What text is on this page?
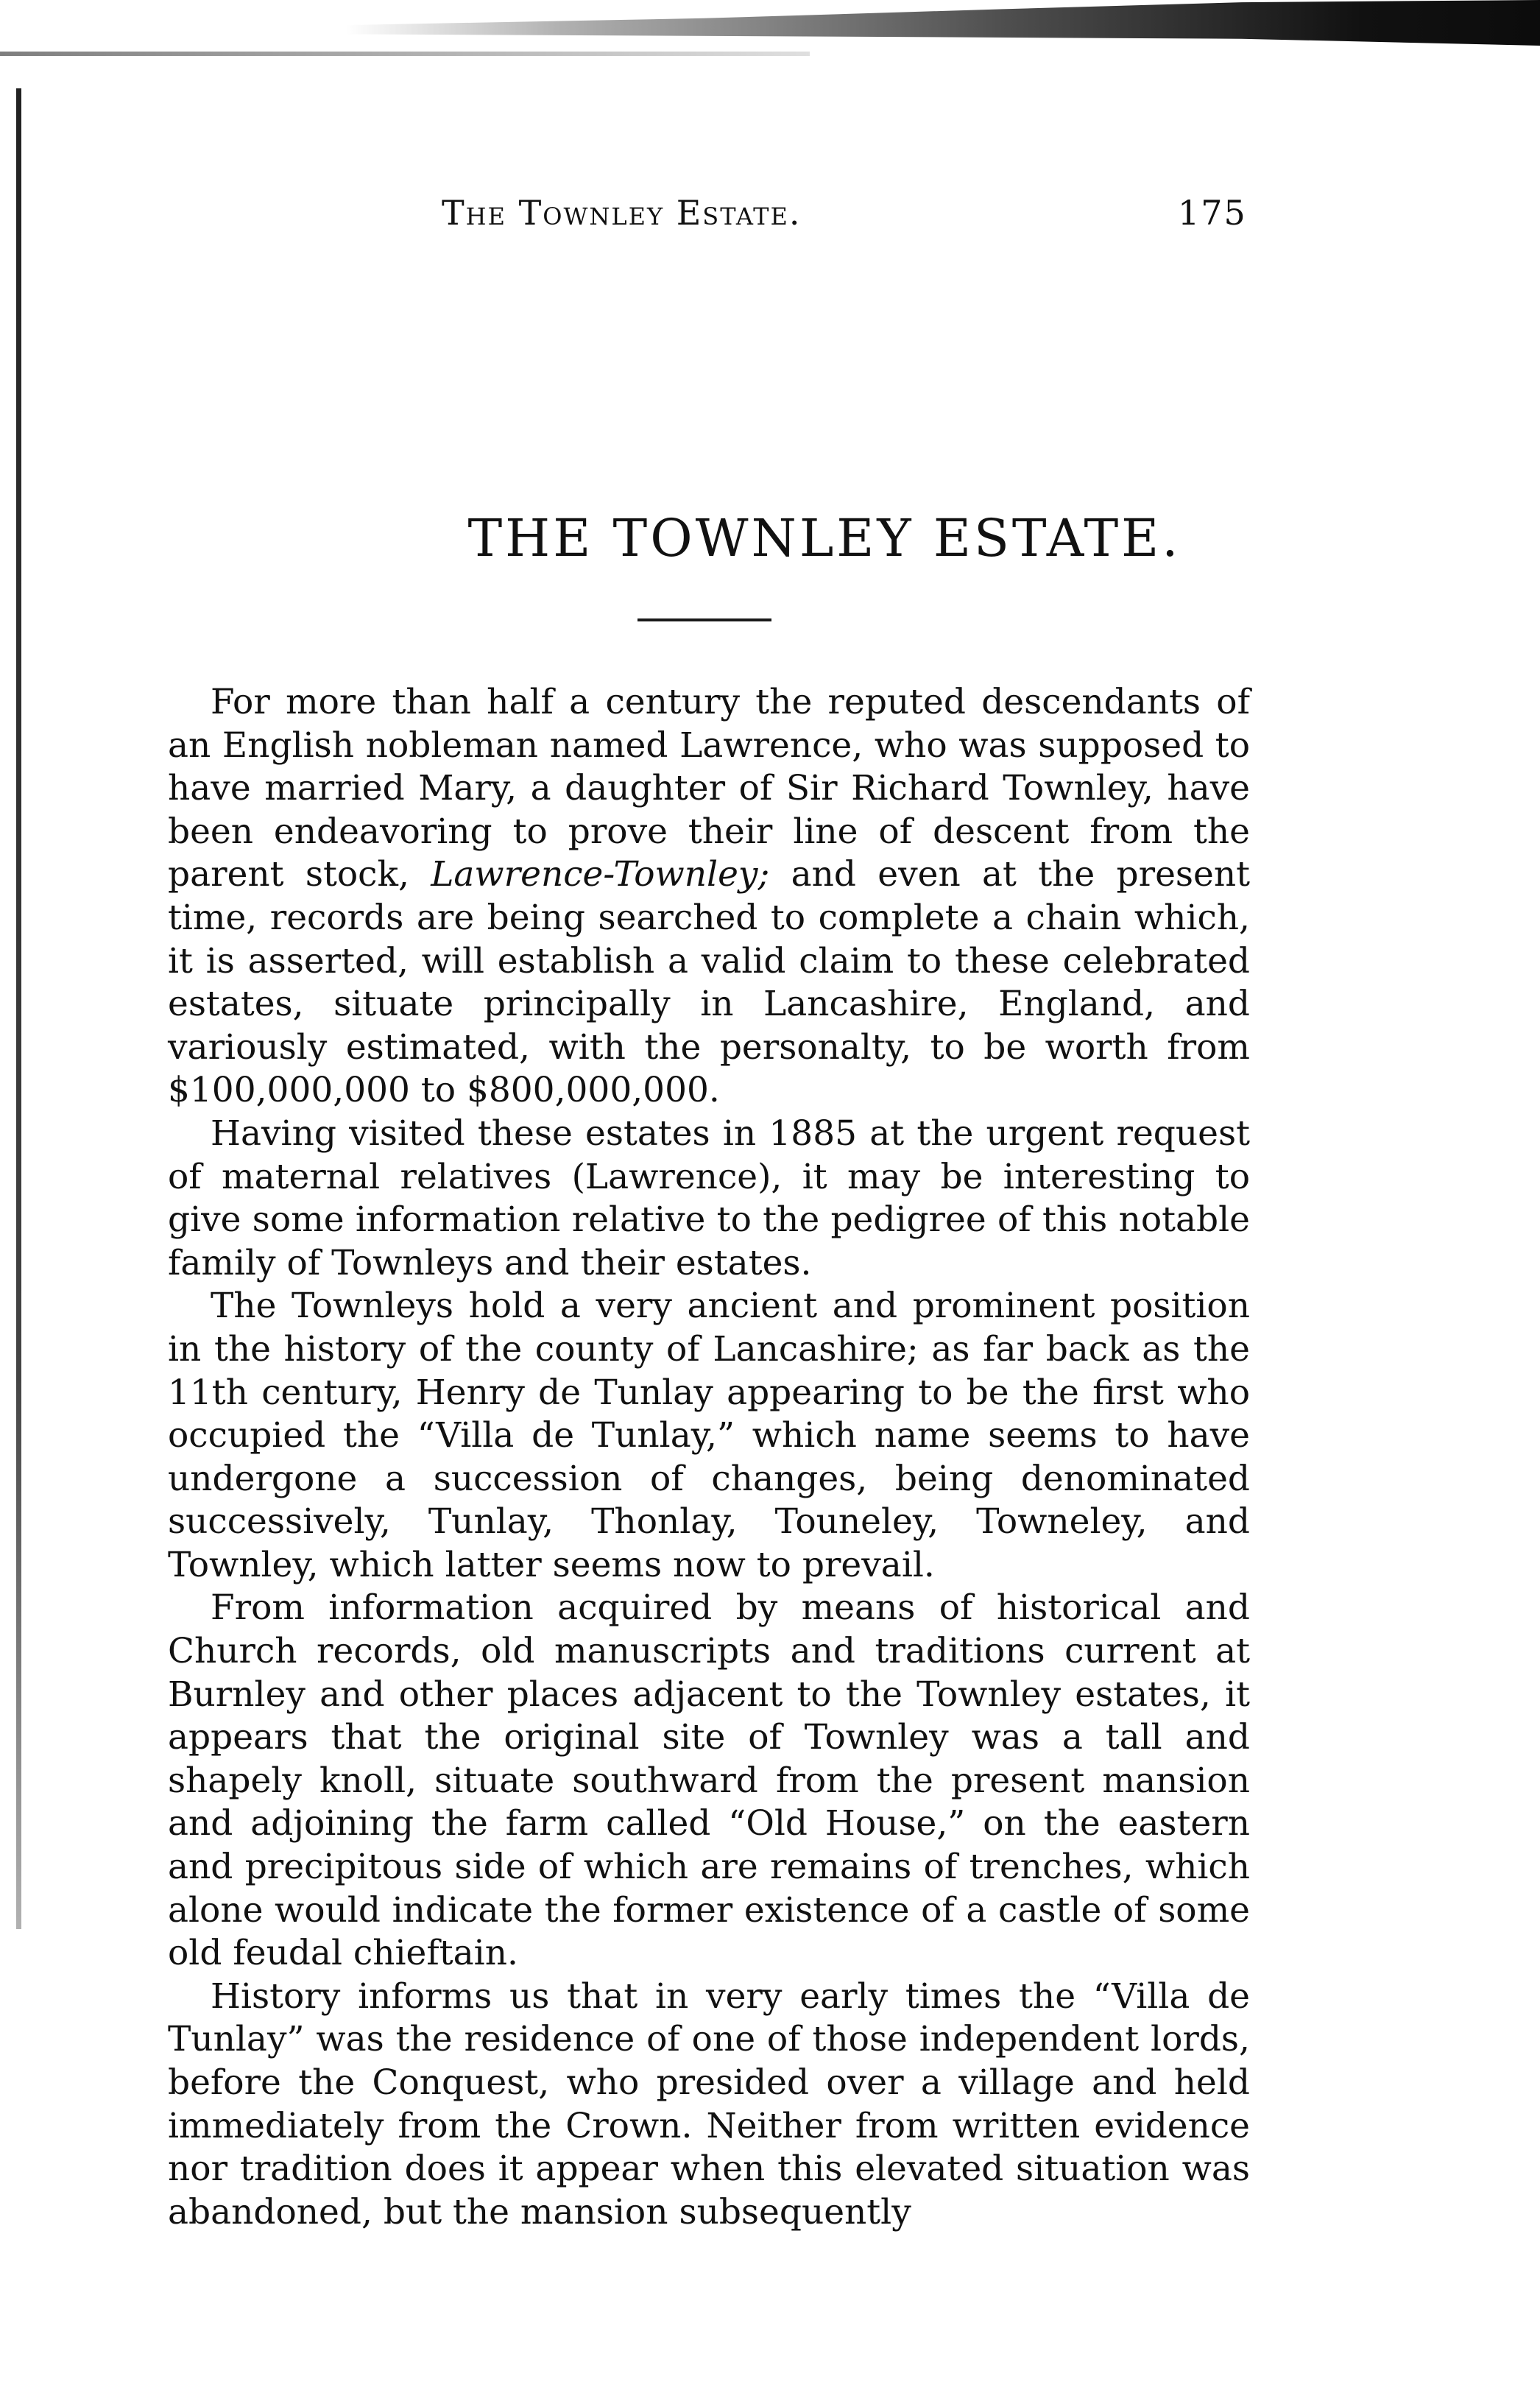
The Townley Estate.	175
THE TOWNLEY ESTATE.

For more than half a century the reputed descendants of an English nobleman named Lawrence, who was supposed to have married Mary, a daughter of Sir Richard Townley, have been endeavoring to prove their line of descent from the parent stock, Lawrence-Townley; and even at the present time, records are being searched to complete a chain which, it is asserted, will establish a valid claim to these celebrated estates, situate principally in Lancashire, England, and variously estimated, with the personalty, to be worth from $100,000,000 to $800,000,000.

Having visited these estates in 1885 at the urgent request of maternal relatives (Lawrence), it may be interesting to give some information relative to the pedigree of this notable family of Townleys and their estates.

The Townleys hold a very ancient and prominent position in the history of the county of Lancashire; as far back as the 11th century, Henry de Tunlay appearing to be the first who occupied the “Villa de Tunlay,” which name seems to have undergone a succession of changes, being denominated successively, Tunlay, Thonlay, Touneley, Towneley, and Townley, which latter seems now to prevail.

From information acquired by means of historical and Church records, old manuscripts and traditions current at Burnley and other places adjacent to the Townley estates, it appears that the original site of Townley was a tall and shapely knoll, situate southward from the present mansion and adjoining the farm called “Old House,” on the eastern and precipitous side of which are remains of trenches, which alone would indicate the former existence of a castle of some old feudal chieftain.

History informs us that in very early times the “Villa de Tunlay” was the residence of one of those independent lords, before the Conquest, who presided over a village and held immediately from the Crown. Neither from written evidence nor tradition does it appear when this elevated situation was abandoned, but the mansion subsequently
